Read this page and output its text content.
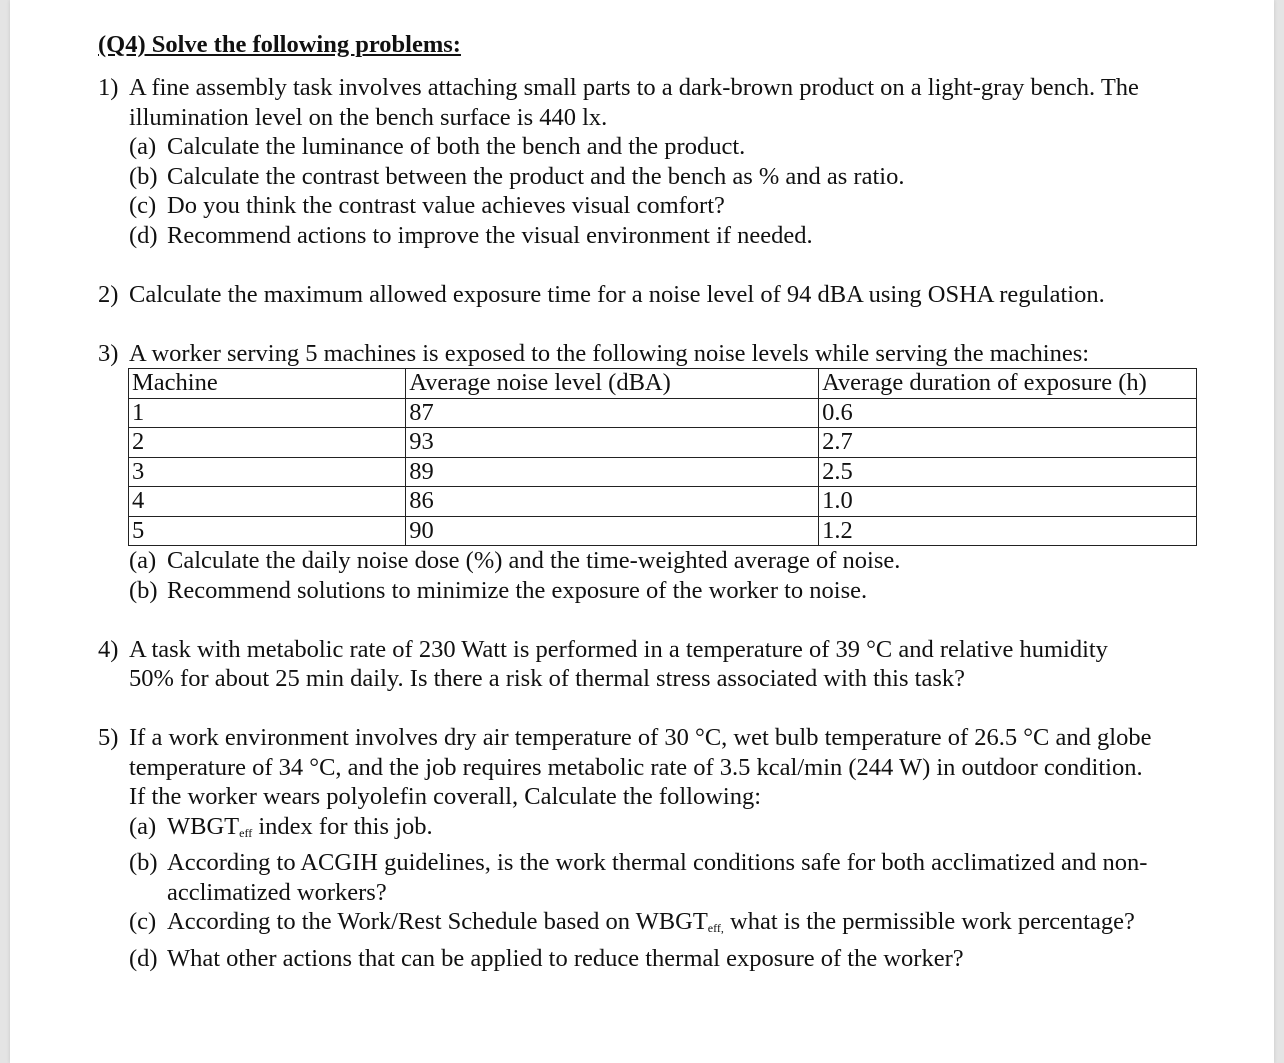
(Q4) Solve the following problems:
1) A fine assembly task involves attaching small parts to a dark-brown product on a light-gray bench. The
illumination level on the bench surface is 440 lx.
(a) Calculate the luminance of both the bench and the product.
(b) Calculate the contrast between the product and the bench as % and as ratio.
(c) Do you think the contrast value achieves visual comfort?
(d) Recommend actions to improve the visual environment if needed.
2) Calculate the maximum allowed exposure time for a noise level of 94 dBA using OSHA regulation.
3) A worker serving 5 machines is exposed to the following noise levels while serving the machines:
Machine	Average noise level (dBA)	Average duration of exposure (h)
1	87	0.6
2	93	2.7
3	89	2.5
4	86	1.0
5	90	1.2
(a) Calculate the daily noise dose (%) and the time-weighted average of noise.
(b) Recommend solutions to minimize the exposure of the worker to noise.
4) A task with metabolic rate of 230 Watt is performed in a temperature of 39 °C and relative humidity
50% for about 25 min daily. Is there a risk of thermal stress associated with this task?
5) If a work environment involves dry air temperature of 30 °C, wet bulb temperature of 26.5 °C and globe
temperature of 34 °C, and the job requires metabolic rate of 3.5 kcal/min (244 W) in outdoor condition.
If the worker wears polyolefin coverall, Calculate the following:
(a) $WBGT_{eff}$ index for this job.
(b) According to ACGIH guidelines, is the work thermal conditions safe for both acclimatized and non-
acclimatized workers?
(c) According to the Work/Rest Schedule based on $WBGT_{eff,}$ what is the permissible work percentage?
(d) What other actions that can be applied to reduce thermal exposure of the worker?
